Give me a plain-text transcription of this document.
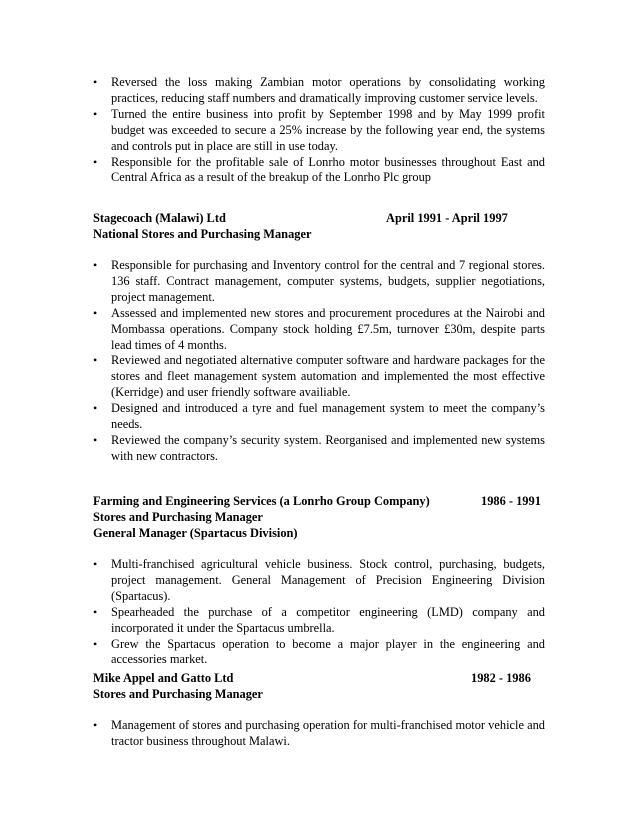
•	Reversed the loss making Zambian motor operations by consolidating working practices, reducing staff numbers and dramatically improving customer service levels.
•	Turned the entire business into profit by September 1998 and by May 1999 profit budget was exceeded to secure a 25% increase by the following year end, the systems and controls put in place are still in use today.
•	Responsible for the profitable sale of Lonrho motor businesses throughout East and Central Africa as a result of the breakup of the Lonrho Plc group
Stagecoach (Malawi) Ltd	April 1991 - April 1997
National Stores and Purchasing Manager
•	Responsible for purchasing and Inventory control for the central and 7 regional stores. 136 staff. Contract management, computer systems, budgets, supplier negotiations, project management.
•	Assessed and implemented new stores and procurement procedures at the Nairobi and Mombassa operations. Company stock holding £7.5m, turnover £30m, despite parts lead times of 4 months.
•	Reviewed and negotiated alternative computer software and hardware packages for the stores and fleet management system automation and implemented the most effective (Kerridge) and user friendly software availiable.
•	Designed and introduced a tyre and fuel management system to meet the company’s needs.
•	Reviewed the company’s security system. Reorganised and implemented new systems with new contractors.
Farming and Engineering Services (a Lonrho Group Company)	1986 - 1991
Stores and Purchasing Manager
General Manager (Spartacus Division)
•	Multi-franchised agricultural vehicle business. Stock control, purchasing, budgets, project management. General Management of Precision Engineering Division (Spartacus).
•	Spearheaded the purchase of a competitor engineering (LMD) company and incorporated it under the Spartacus umbrella.
•	Grew the Spartacus operation to become a major player in the engineering and accessories market.
Mike Appel and Gatto Ltd	1982 - 1986
Stores and Purchasing Manager
•	Management of stores and purchasing operation for multi-franchised motor vehicle and tractor business throughout Malawi.
